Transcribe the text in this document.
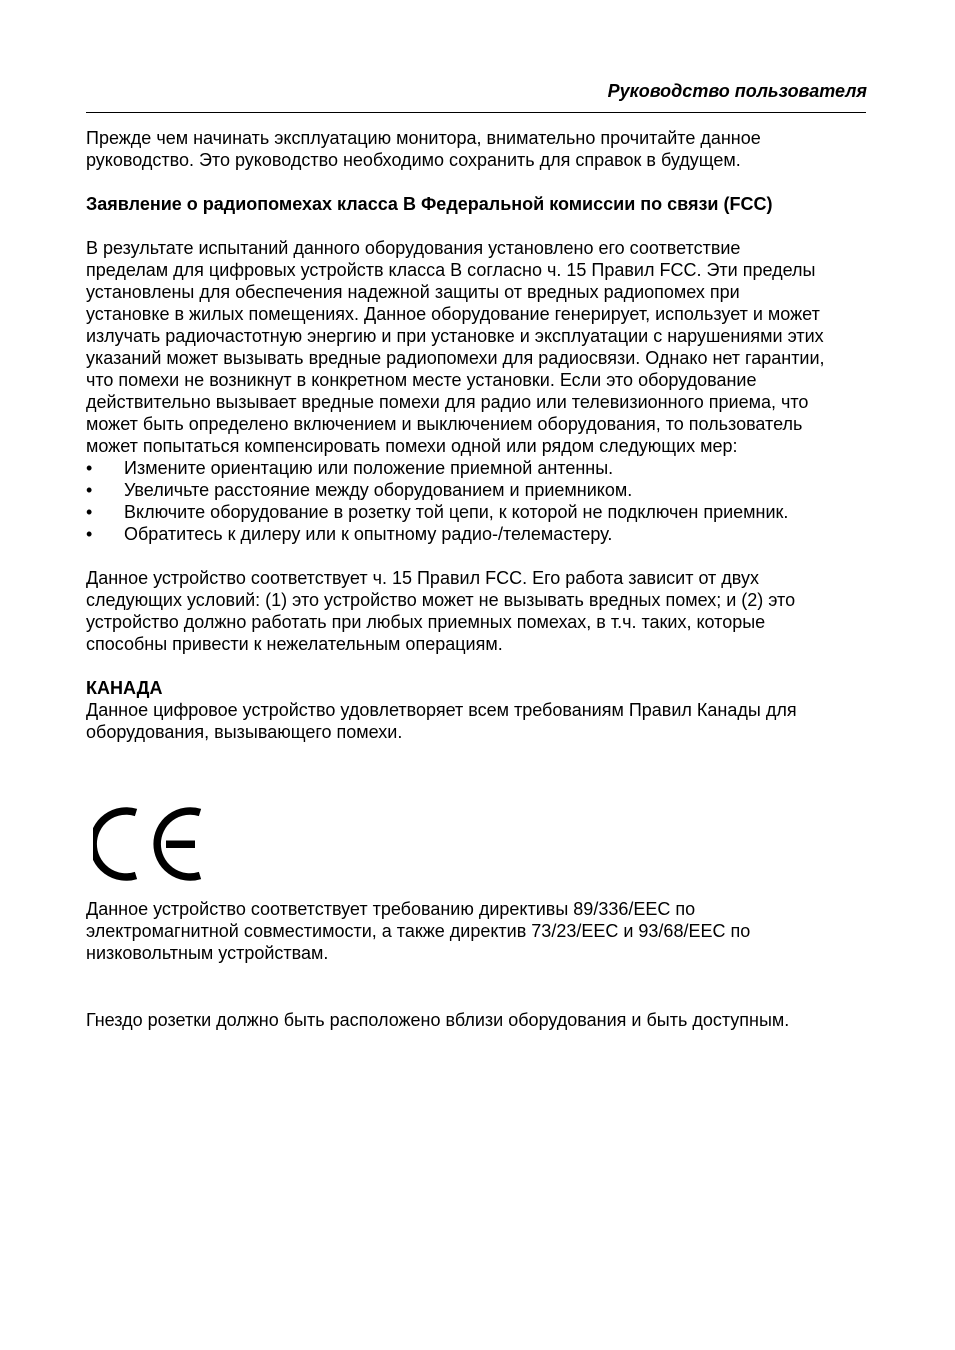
Руководство пользователя

Прежде чем начинать эксплуатацию монитора, внимательно прочитайте данное
руководство. Это руководство необходимо сохранить для справок в будущем.

Заявление о радиопомехах класса В Федеральной комиссии по связи (FCC)

В результате испытаний данного оборудования установлено его соответствие
пределам для цифровых устройств класса В согласно ч. 15 Правил FCC. Эти пределы
установлены для обеспечения надежной защиты от вредных радиопомех при
установке в жилых помещениях. Данное оборудование генерирует, использует и может
излучать радиочастотную энергию и при установке и эксплуатации с нарушениями этих
указаний может вызывать вредные радиопомехи для радиосвязи. Однако нет гарантии,
что помехи не возникнут в конкретном месте установки. Если это оборудование
действительно вызывает вредные помехи для радио или телевизионного приема, что
может быть определено включением и выключением оборудования, то пользователь
может попытаться компенсировать помехи одной или рядом следующих мер:

• Измените ориентацию или положение приемной антенны.
• Увеличьте расстояние между оборудованием и приемником.
• Включите оборудование в розетку той цепи, к которой не подключен приемник.
• Обратитесь к дилеру или к опытному радио-/телемастеру.

Данное устройство соответствует ч. 15 Правил FCC. Его работа зависит от двух
следующих условий: (1) это устройство может не вызывать вредных помех; и (2) это
устройство должно работать при любых приемных помехах, в т.ч. таких, которые
способны привести к нежелательным операциям.

КАНАДА
Данное цифровое устройство удовлетворяет всем требованиям Правил Канады для
оборудования, вызывающего помехи.

Данное устройство соответствует требованию директивы 89/336/EEC по
электромагнитной совместимости, а также директив 73/23/EEC и 93/68/EEC по
низковольтным устройствам.
Гнездо розетки должно быть расположено вблизи оборудования и быть доступным.
